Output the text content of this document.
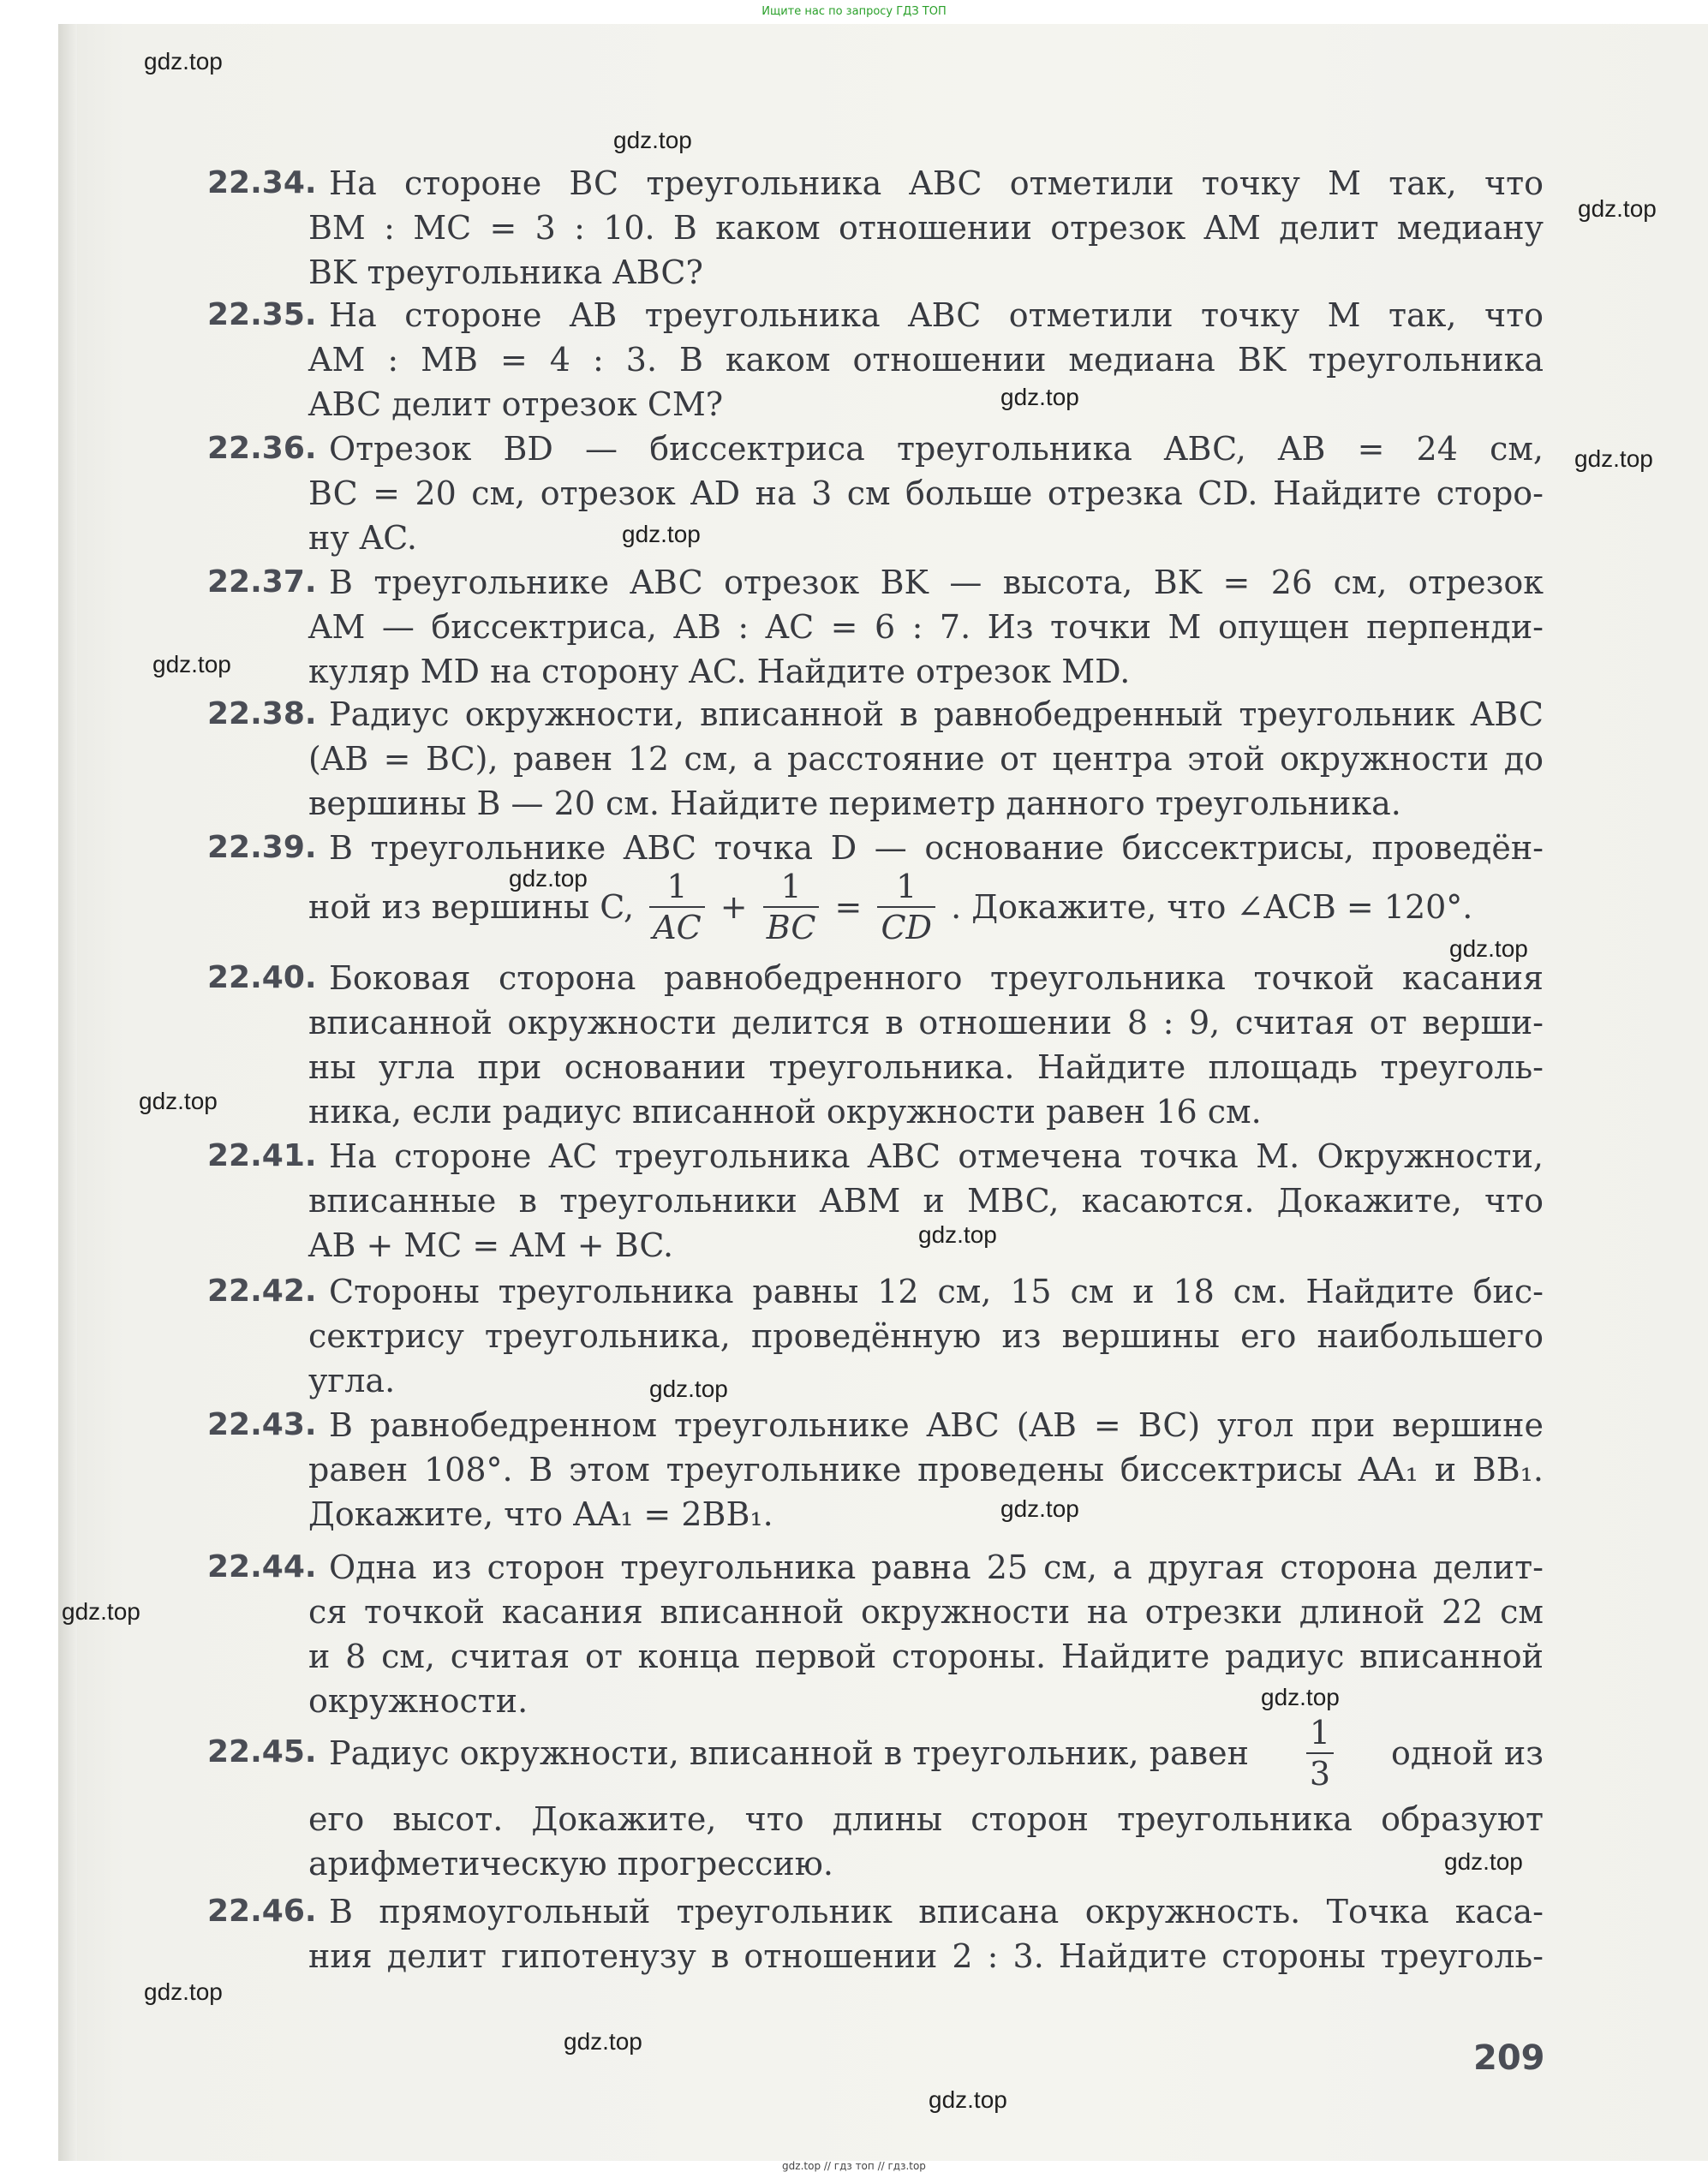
Ищите нас по запросу ГДЗ ТОП
gdz.top
gdz.top
gdz.top
gdz.top
gdz.top
gdz.top
gdz.top
gdz.top
gdz.top
gdz.top
gdz.top
gdz.top
gdz.top
gdz.top
gdz.top
gdz.top
gdz.top
gdz.top
gdz.top
22.34. На стороне BC треугольника ABC отметили точку M так, что
BM : MC = 3 : 10. В каком отношении отрезок AM делит медиану
BK треугольника ABC?
22.35. На стороне AB треугольника ABC отметили точку M так, что
AM : MB = 4 : 3. В каком отношении медиана BK треугольника
ABC делит отрезок CM?
22.36. Отрезок BD — биссектриса треугольника ABC, AB = 24 см,
BC = 20 см, отрезок AD на 3 см больше отрезка CD. Найдите сторо-
ну AC.
22.37. В треугольнике ABC отрезок BK — высота, BK = 26 см, отрезок
AM — биссектриса, AB : AC = 6 : 7. Из точки M опущен перпенди-
куляр MD на сторону AC. Найдите отрезок MD.
22.38. Радиус окружности, вписанной в равнобедренный треугольник ABC
(AB = BC), равен 12 см, а расстояние от центра этой окружности до
вершины B — 20 см. Найдите периметр данного треугольника.
22.39. В треугольнике ABC точка D — основание биссектрисы, проведён-
ной из вершины C, $\frac{1}{AC} + \frac{1}{BC} = \frac{1}{CD}$ . Докажите, что ∠ACB = 120°.
22.40. Боковая сторона равнобедренного треугольника точкой касания
вписанной окружности делится в отношении 8 : 9, считая от верши-
ны угла при основании треугольника. Найдите площадь треуголь-
ника, если радиус вписанной окружности равен 16 см.
22.41. На стороне AC треугольника ABC отмечена точка M. Окружности,
вписанные в треугольники ABM и MBC, касаются. Докажите, что
AB + MC = AM + BC.
22.42. Стороны треугольника равны 12 см, 15 см и 18 см. Найдите бис-
сектрису треугольника, проведённую из вершины его наибольшего
угла.
22.43. В равнобедренном треугольнике ABC (AB = BC) угол при вершине
равен 108°. В этом треугольнике проведены биссектрисы AA₁ и BB₁.
Докажите, что AA₁ = 2BB₁.
22.44. Одна из сторон треугольника равна 25 см, а другая сторона делит-
ся точкой касания вписанной окружности на отрезки длиной 22 см
и 8 см, считая от конца первой стороны. Найдите радиус вписанной
окружности.
22.45. Радиус окружности, вписанной в треугольник, равен $\frac{1}{3}$ одной из
его высот. Докажите, что длины сторон треугольника образуют
арифметическую прогрессию.
22.46. В прямоугольный треугольник вписана окружность. Точка каса-
ния делит гипотенузу в отношении 2 : 3. Найдите стороны треуголь-
209
gdz.top // гдз топ // гдз.top
